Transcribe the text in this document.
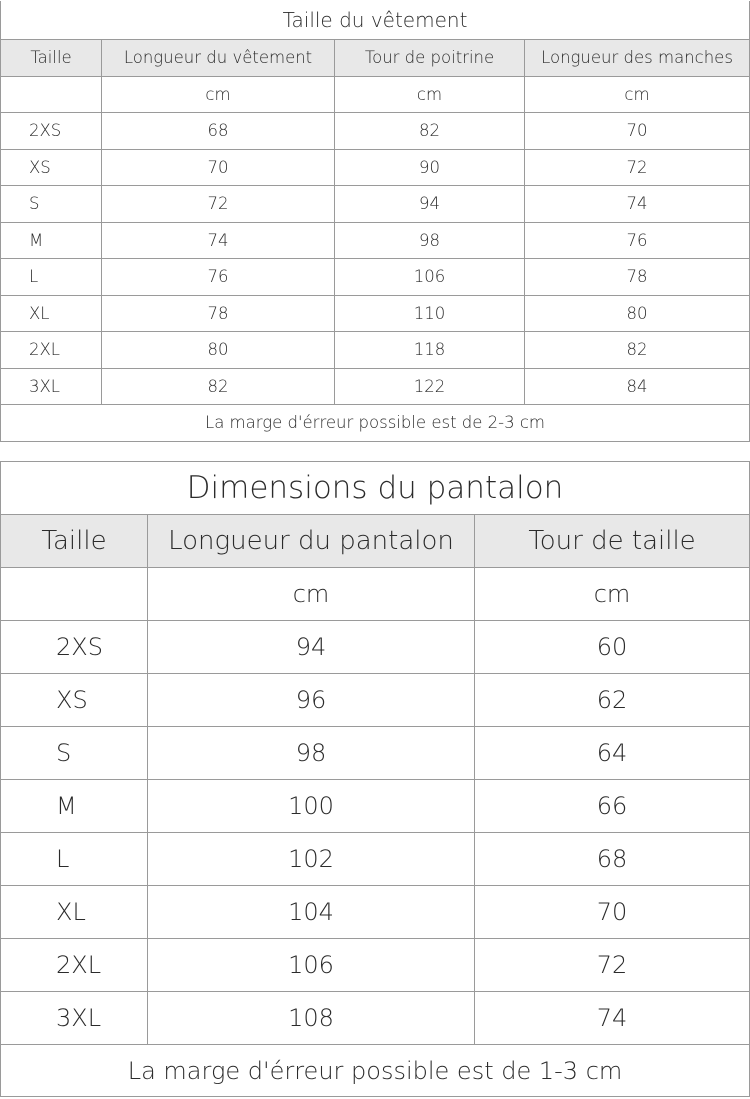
Taille du vêtement			
Taille	Longueur du vêtement	Tour de poitrine	Longueur des manches
	cm	cm	cm
2XS	68	82	70
XS	70	90	72
S	72	94	74
M	74	98	76
L	76	106	78
XL	78	110	80
2XL	80	118	82
3XL	82	122	84
La marge d'érreur possible est de 2-3 cm			
Dimensions du pantalon		
Taille	Longueur du pantalon	Tour de taille
	cm	cm
2XS	94	60
XS	96	62
S	98	64
M	100	66
L	102	68
XL	104	70
2XL	106	72
3XL	108	74
La marge d'érreur possible est de 1-3 cm		
